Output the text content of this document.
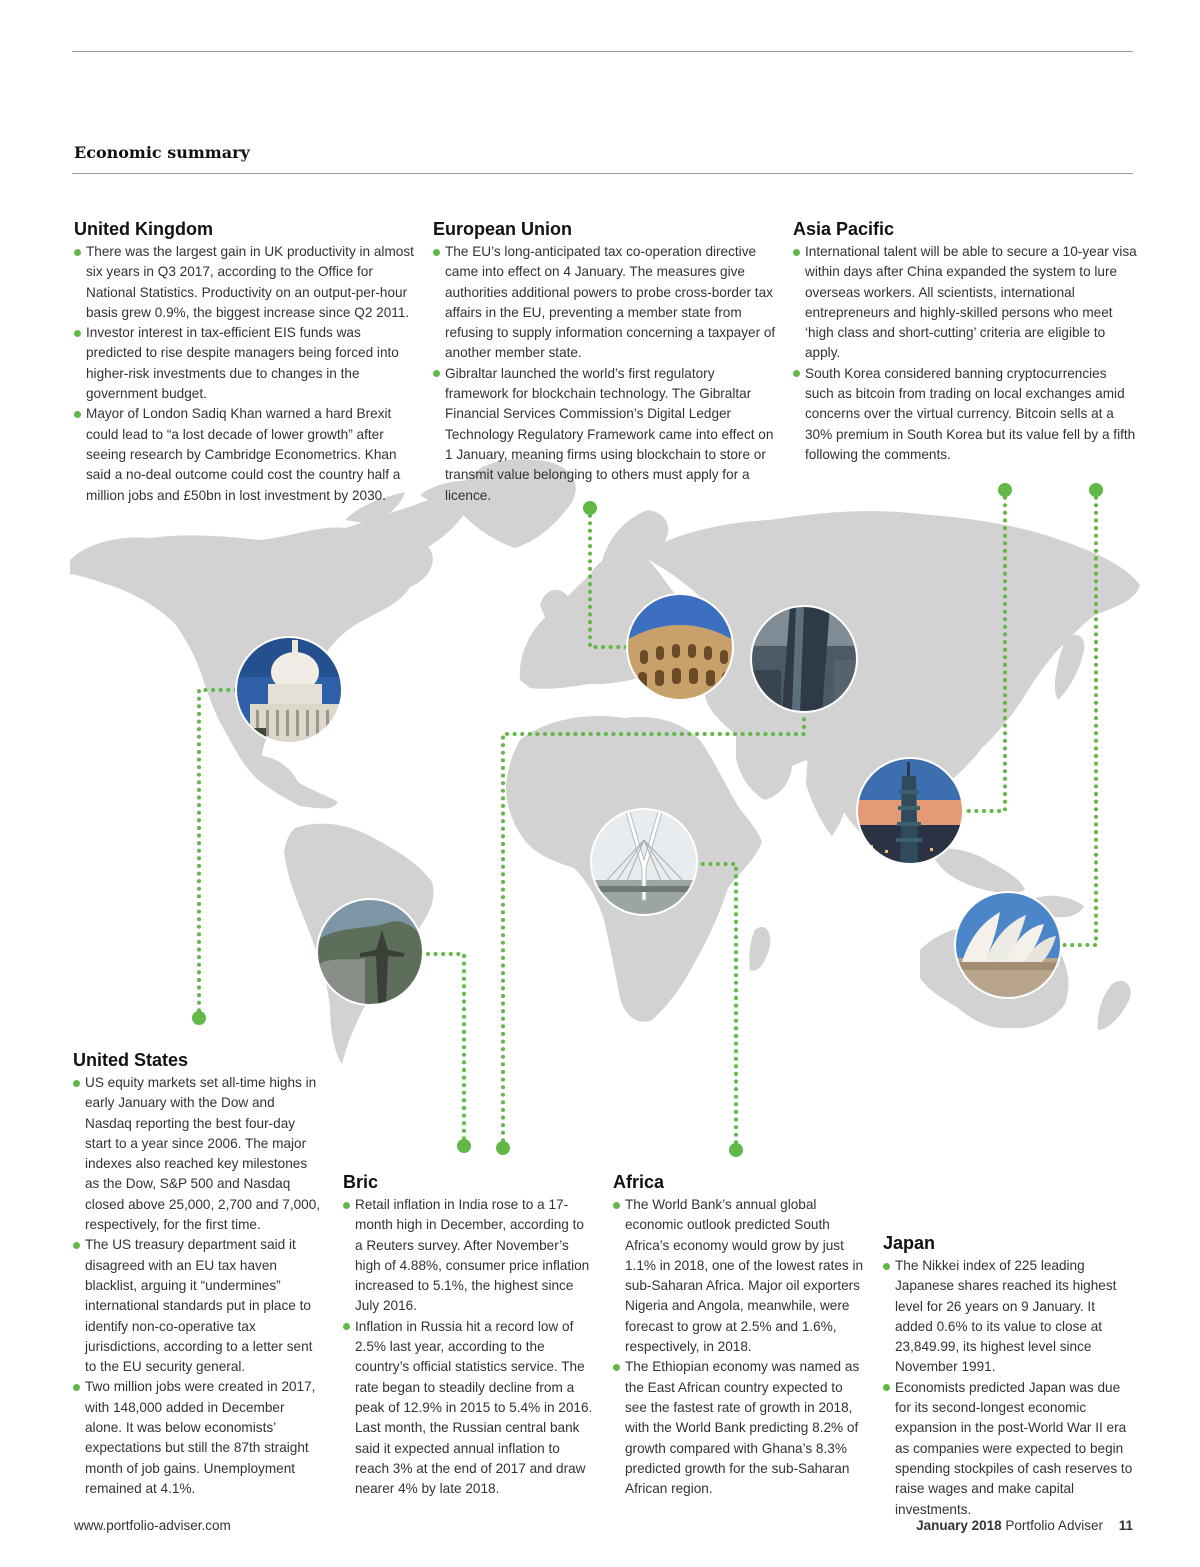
Economic summary
United Kingdom
There was the largest gain in UK productivity in almost six years in Q3 2017, according to the Office for National Statistics. Productivity on an output-per-hour basis grew 0.9%, the biggest increase since Q2 2011.
Investor interest in tax-efficient EIS funds was predicted to rise despite managers being forced into higher-risk investments due to changes in the government budget.
Mayor of London Sadiq Khan warned a hard Brexit could lead to “a lost decade of lower growth” after seeing research by Cambridge Econometrics. Khan said a no-deal outcome could cost the country half a million jobs and £50bn in lost investment by 2030.
European Union
The EU’s long-anticipated tax co-operation directive came into effect on 4 January. The measures give authorities additional powers to probe cross-border tax affairs in the EU, preventing a member state from refusing to supply information concerning a taxpayer of another member state.
Gibraltar launched the world’s first regulatory framework for blockchain technology. The Gibraltar Financial Services Commission’s Digital Ledger Technology Regulatory Framework came into effect on 1 January, meaning firms using blockchain to store or transmit value belonging to others must apply for a licence.
Asia Pacific
International talent will be able to secure a 10-year visa within days after China expanded the system to lure overseas workers. All scientists, international entrepreneurs and highly-skilled persons who meet ‘high class and short-cutting’ criteria are eligible to apply.
South Korea considered banning cryptocurrencies such as bitcoin from trading on local exchanges amid concerns over the virtual currency. Bitcoin sells at a 30% premium in South Korea but its value fell by a fifth following the comments.
United States
US equity markets set all-time highs in early January with the Dow and Nasdaq reporting the best four-day start to a year since 2006. The major indexes also reached key milestones as the Dow, S&P 500 and Nasdaq closed above 25,000, 2,700 and 7,000, respectively, for the first time.
The US treasury department said it disagreed with an EU tax haven blacklist, arguing it “undermines” international standards put in place to identify non-co-operative tax jurisdictions, according to a letter sent to the EU security general.
Two million jobs were created in 2017, with 148,000 added in December alone. It was below economists’ expectations but still the 87th straight month of job gains. Unemployment remained at 4.1%.
Bric
Retail inflation in India rose to a 17-month high in December, according to a Reuters survey. After November’s high of 4.88%, consumer price inflation increased to 5.1%, the highest since July 2016.
Inflation in Russia hit a record low of 2.5% last year, according to the country’s official statistics service. The rate began to steadily decline from a peak of 12.9% in 2015 to 5.4% in 2016. Last month, the Russian central bank said it expected annual inflation to reach 3% at the end of 2017 and draw nearer 4% by late 2018.
Africa
The World Bank’s annual global economic outlook predicted South Africa’s economy would grow by just 1.1% in 2018, one of the lowest rates in sub-Saharan Africa. Major oil exporters Nigeria and Angola, meanwhile, were forecast to grow at 2.5% and 1.6%, respectively, in 2018.
The Ethiopian economy was named as the East African country expected to see the fastest rate of growth in 2018, with the World Bank predicting 8.2% of growth compared with Ghana’s 8.3% predicted growth for the sub-Saharan African region.
Japan
The Nikkei index of 225 leading Japanese shares reached its highest level for 26 years on 9 January. It added 0.6% to its value to close at 23,849.99, its highest level since November 1991.
Economists predicted Japan was due for its second-longest economic expansion in the post-World War II era as companies were expected to begin spending stockpiles of cash reserves to raise wages and make capital investments.
www.portfolio-adviser.com	January 2018 Portfolio Adviser 11
